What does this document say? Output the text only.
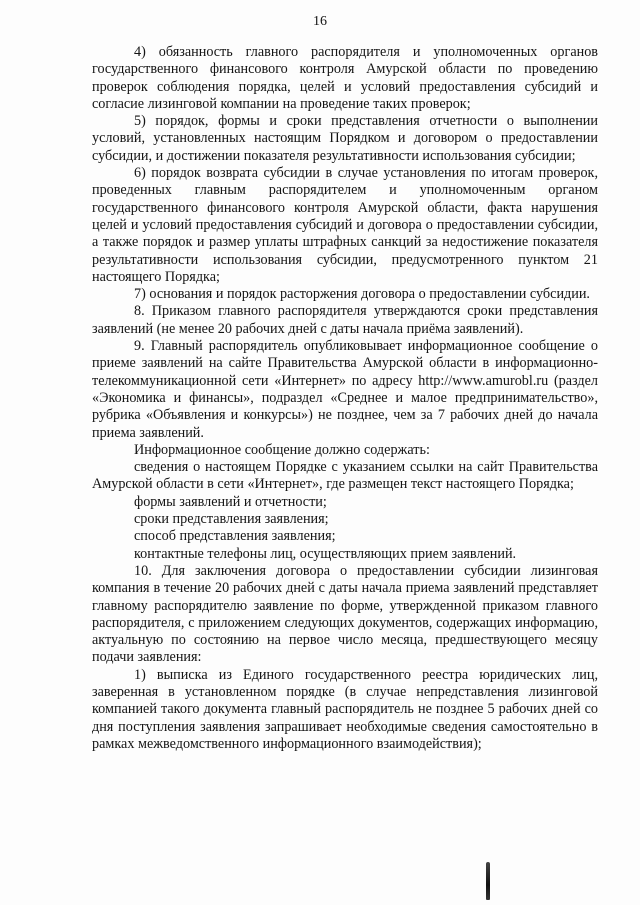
16

4) обязанность главного распорядителя и уполномоченных органов государственного финансового контроля Амурской области по проведению проверок соблюдения порядка, целей и условий предоставления субсидий и согласие лизинговой компании на проведение таких проверок;

5) порядок, формы и сроки представления отчетности о выполнении условий, установленных настоящим Порядком и договором о предоставлении субсидии, и достижении показателя результативности использования субсидии;

6) порядок возврата субсидии в случае установления по итогам проверок, проведенных главным распорядителем и уполномоченным органом государственного финансового контроля Амурской области, факта нарушения целей и условий предоставления субсидий и договора о предоставлении субсидии, а также порядок и размер уплаты штрафных санкций за недостижение показателя результативности использования субсидии, предусмотренного пунктом 21 настоящего Порядка;

7) основания и порядок расторжения договора о предоставлении субсидии.

8. Приказом главного распорядителя утверждаются сроки представления заявлений (не менее 20 рабочих дней с даты начала приёма заявлений).

9. Главный распорядитель опубликовывает информационное сообщение о приеме заявлений на сайте Правительства Амурской области в информационно-телекоммуникационной сети «Интернет» по адресу http://www.amurobl.ru (раздел «Экономика и финансы», подраздел «Среднее и малое предпринимательство», рубрика «Объявления и конкурсы») не позднее, чем за 7 рабочих дней до начала приема заявлений.

Информационное сообщение должно содержать:

сведения о настоящем Порядке с указанием ссылки на сайт Правительства Амурской области в сети «Интернет», где размещен текст настоящего Порядка;

формы заявлений и отчетности;

сроки представления заявления;

способ представления заявления;

контактные телефоны лиц, осуществляющих прием заявлений.

10. Для заключения договора о предоставлении субсидии лизинговая компания в течение 20 рабочих дней с даты начала приема заявлений представляет главному распорядителю заявление по форме, утвержденной приказом главного распорядителя, с приложением следующих документов, содержащих информацию, актуальную по состоянию на первое число месяца, предшествующего месяцу подачи заявления:

1) выписка из Единого государственного реестра юридических лиц, заверенная в установленном порядке (в случае непредставления лизинговой компанией такого документа главный распорядитель не позднее 5 рабочих дней со дня поступления заявления запрашивает необходимые сведения самостоятельно в рамках межведомственного информационного взаимодействия);
